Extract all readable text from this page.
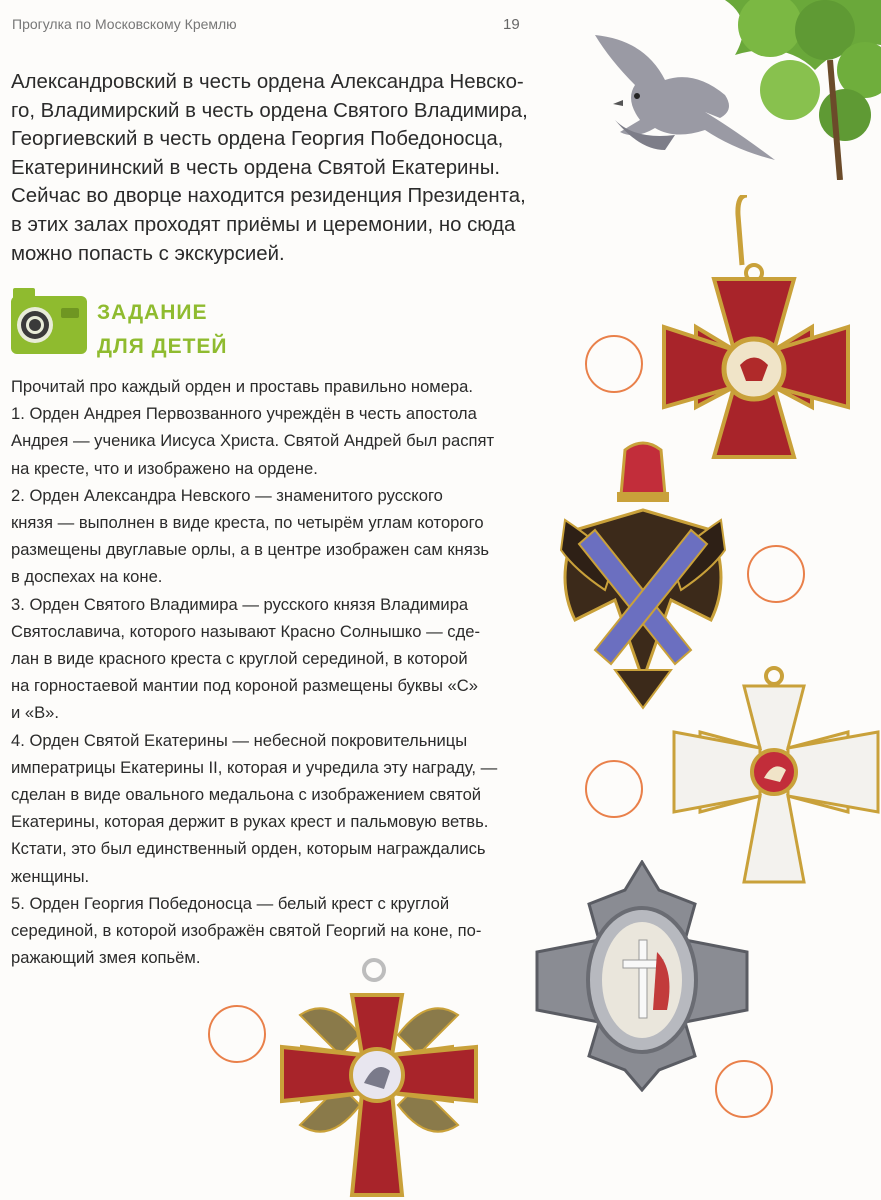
Прогулка по Московскому Кремлю	19
Александровский в честь ордена Александра Невско-
го, Владимирский в честь ордена Святого Владимира,
Георгиевский в честь ордена Георгия Победоносца,
Екатерининский в честь ордена Святой Екатерины.
Сейчас во дворце находится резиденция Президента,
в этих залах проходят приёмы и церемонии, но сюда
можно попасть с экскурсией.
ЗАДАНИЕ
ДЛЯ ДЕТЕЙ
Прочитай про каждый орден и проставь правильно номера.
1. Орден Андрея Первозванного учреждён в честь апостола
Андрея — ученика Иисуса Христа. Святой Андрей был распят
на кресте, что и изображено на ордене.
2. Орден Александра Невского — знаменитого русского
князя — выполнен в виде креста, по четырём углам которого
размещены двуглавые орлы, а в центре изображен сам князь
в доспехах на коне.
3. Орден Святого Владимира — русского князя Владимира
Святославича, которого называют Красно Солнышко — сде-
лан в виде красного креста с круглой серединой, в которой
на горностаевой мантии под короной размещены буквы «С»
и «В».
4. Орден Святой Екатерины — небесной покровительницы
императрицы Екатерины II, которая и учредила эту награду, —
сделан в виде овального медальона с изображением святой
Екатерины, которая держит в руках крест и пальмовую ветвь.
Кстати, это был единственный орден, которым награждались
женщины.
5. Орден Георгия Победоносца — белый крест с круглой
серединой, в которой изображён святой Георгий на коне, по-
ражающий змея копьём.
